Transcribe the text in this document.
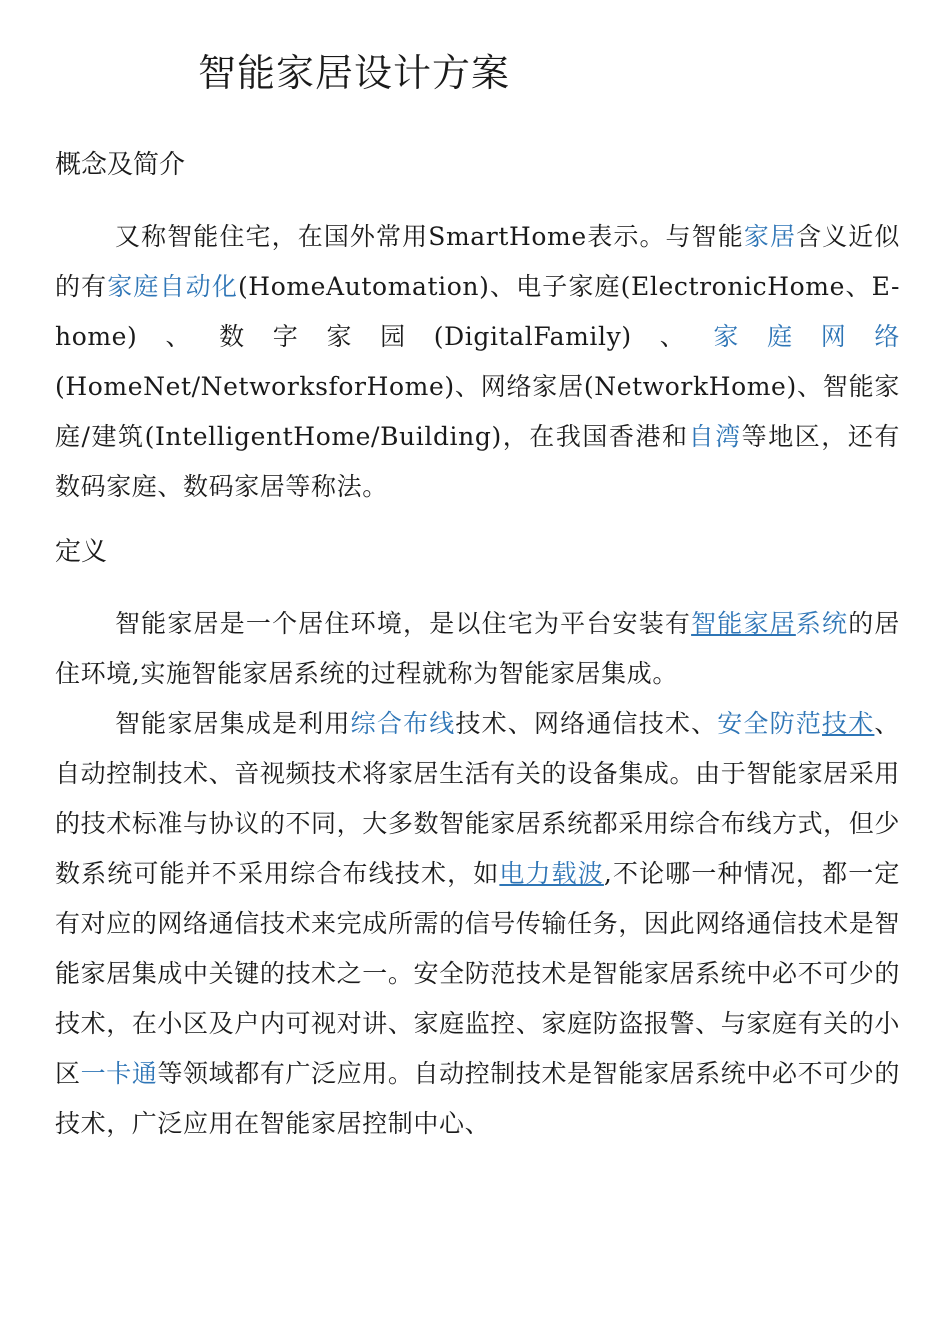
智能家居设计方案
概念及简介

又称智能住宅，在国外常用SmartHome表示。与智能家居含义近似的有家庭自动化(HomeAutomation)、电子家庭(ElectronicHome、E-home)、数字家园(DigitalFamily)、家庭网络(HomeNet/NetworksforHome)、网络家居(NetworkHome)、智能家庭/建筑(IntelligentHome/Building)，在我国香港和自湾等地区，还有数码家庭、数码家居等称法。

定义

智能家居是一个居住环境，是以住宅为平台安装有智能家居系统的居住环境,实施智能家居系统的过程就称为智能家居集成。

智能家居集成是利用综合布线技术、网络通信技术、安全防范技术、自动控制技术、音视频技术将家居生活有关的设备集成。由于智能家居采用的技术标准与协议的不同，大多数智能家居系统都采用综合布线方式，但少数系统可能并不采用综合布线技术，如电力载波,不论哪一种情况，都一定有对应的网络通信技术来完成所需的信号传输任务，因此网络通信技术是智能家居集成中关键的技术之一。安全防范技术是智能家居系统中必不可少的技术，在小区及户内可视对讲、家庭监控、家庭防盗报警、与家庭有关的小区一卡通等领域都有广泛应用。自动控制技术是智能家居系统中必不可少的技术，广泛应用在智能家居控制中心、
